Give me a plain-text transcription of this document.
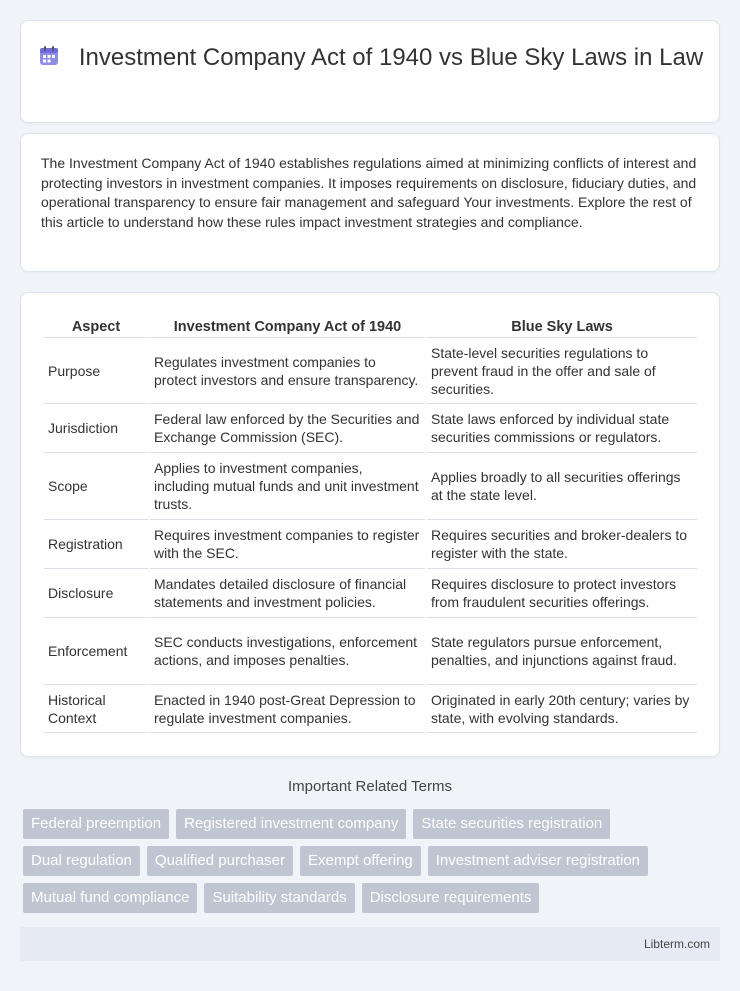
Investment Company Act of 1940 vs Blue Sky Laws in Law

The Investment Company Act of 1940 establishes regulations aimed at minimizing conflicts of interest and protecting investors in investment companies. It imposes requirements on disclosure, fiduciary duties, and operational transparency to ensure fair management and safeguard Your investments. Explore the rest of this article to understand how these rules impact investment strategies and compliance.

Aspect	Investment Company Act of 1940	Blue Sky Laws
Purpose	Regulates investment companies to protect investors and ensure transparency.	State-level securities regulations to prevent fraud in the offer and sale of securities.
Jurisdiction	Federal law enforced by the Securities and Exchange Commission (SEC).	State laws enforced by individual state securities commissions or regulators.
Scope	Applies to investment companies, including mutual funds and unit investment trusts.	Applies broadly to all securities offerings at the state level.
Registration	Requires investment companies to register with the SEC.	Requires securities and broker-dealers to register with the state.
Disclosure	Mandates detailed disclosure of financial statements and investment policies.	Requires disclosure to protect investors from fraudulent securities offerings.
Enforcement	SEC conducts investigations, enforcement actions, and imposes penalties.	State regulators pursue enforcement, penalties, and injunctions against fraud.
Historical Context	Enacted in 1940 post-Great Depression to regulate investment companies.	Originated in early 20th century; varies by state, with evolving standards.
Important Related Terms
Federal preemption	Registered investment company	State securities registration
Dual regulation	Qualified purchaser	Exempt offering	Investment adviser registration
Mutual fund compliance	Suitability standards	Disclosure requirements
Libterm.com
